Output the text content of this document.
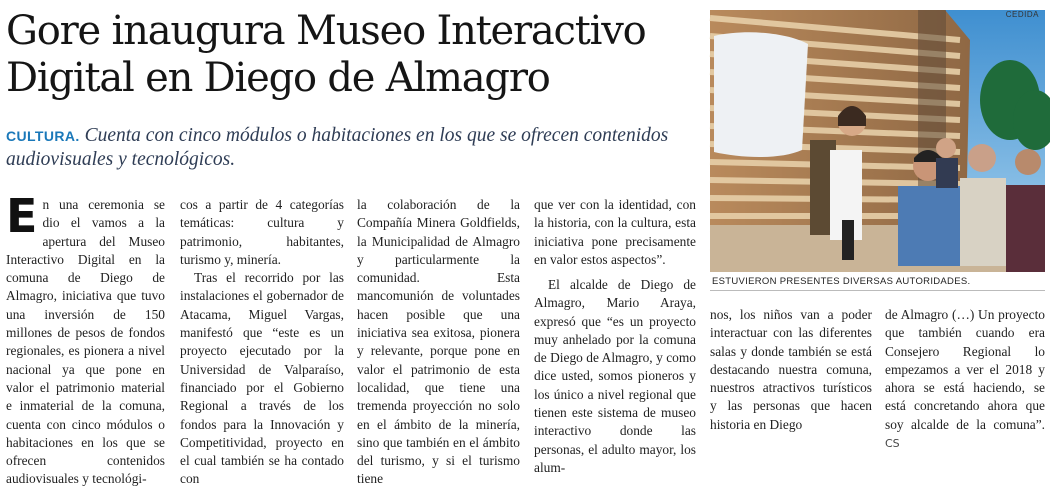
Gore inaugura Museo Interactivo Digital en Diego de Almagro

CULTURA. Cuenta con cinco módulos o habitaciones en los que se ofrecen contenidos audiovisuales y tecnológicos.

En una ceremonia se dio el vamos a la apertura del Museo Interactivo Digital en la comuna de Diego de Almagro, iniciativa que tuvo una inversión de 150 millones de pesos de fondos regionales, es pionera a nivel nacional ya que pone en valor el patrimonio material e inmaterial de la comuna, cuenta con cinco módulos o habitaciones en los que se ofrecen contenidos audiovisuales y tecnológi-

cos a partir de 4 categorías temáticas: cultura y patrimonio, habitantes, turismo y, minería.

Tras el recorrido por las instalaciones el gobernador de Atacama, Miguel Vargas, manifestó que “este es un proyecto ejecutado por la Universidad de Valparaíso, financiado por el Gobierno Regional a través de los fondos para la Innovación y Competitividad, proyecto en el cual también se ha contado con

la colaboración de la Compañía Minera Goldfields, la Municipalidad de Almagro y particularmente la comunidad. Esta mancomunión de voluntades hacen posible que una iniciativa sea exitosa, pionera y relevante, porque pone en valor el patrimonio de esta localidad, que tiene una tremenda proyección no solo en el ámbito de la minería, sino que también en el ámbito del turismo, y si el turismo tiene

que ver con la identidad, con la historia, con la cultura, esta iniciativa pone precisamente en valor estos aspectos”.

El alcalde de Diego de Almagro, Mario Araya, expresó que “es un proyecto muy anhelado por la comuna de Diego de Almagro, y como dice usted, somos pioneros y los único a nivel regional que tienen este sistema de museo interactivo donde las personas, el adulto mayor, los alum-

CEDIDA
ESTUVIERON PRESENTES DIVERSAS AUTORIDADES.

nos, los niños van a poder interactuar con las diferentes salas y donde también se está destacando nuestra comuna, nuestros atractivos turísticos y las personas que hacen historia en Diego

de Almagro (…) Un proyecto que también cuando era Consejero Regional lo empezamos a ver el 2018 y ahora se está haciendo, se está concretando ahora que soy alcalde de la comuna”. CS
